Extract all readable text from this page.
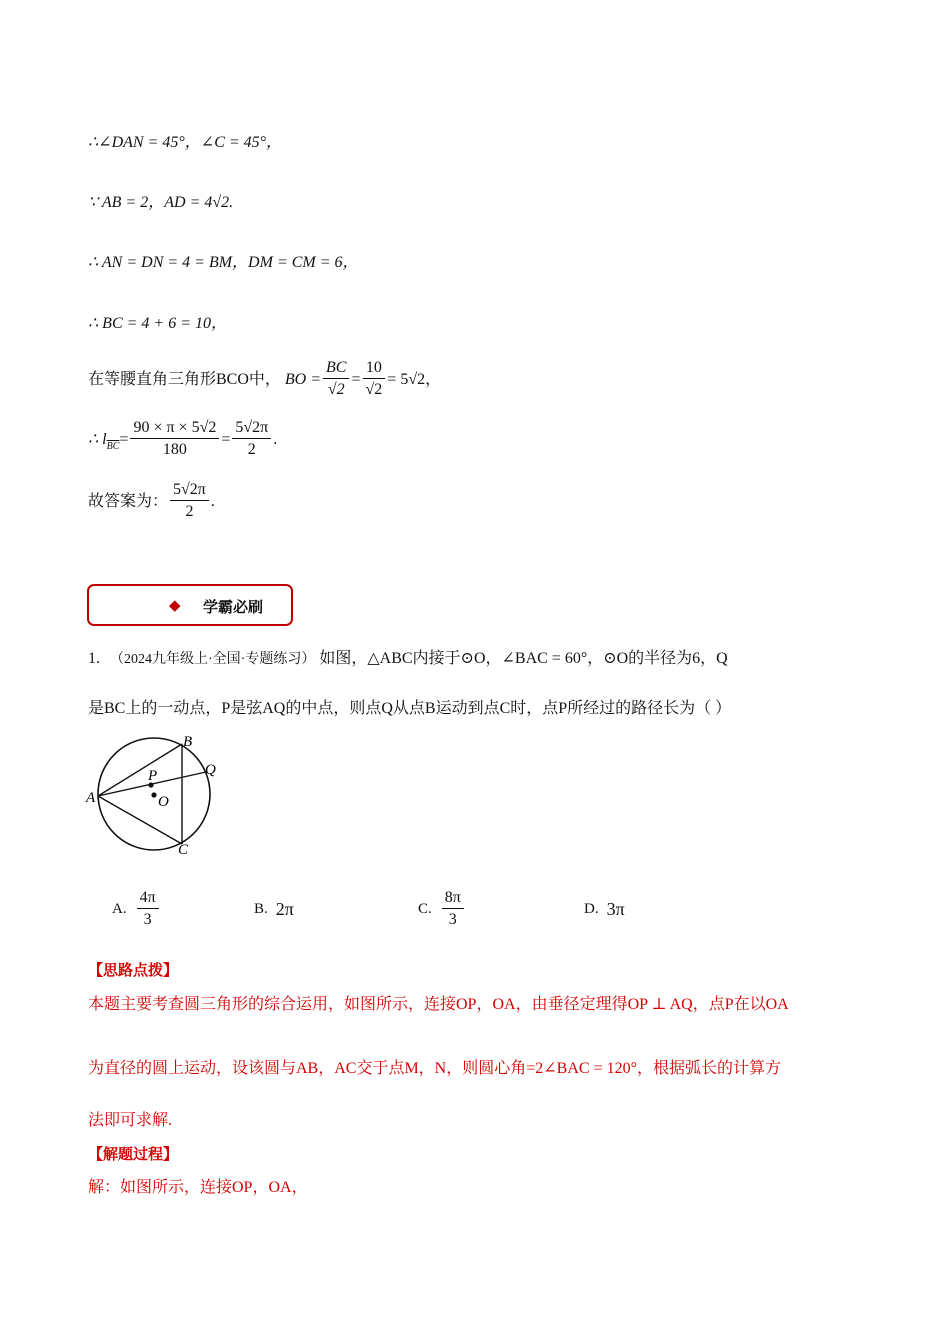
∴∠DAN = 45°，∠C = 45°，
∵ AB = 2，AD = 4√2.
∴ AN = DN = 4 = BM，DM = CM = 6，
∴ BC = 4 + 6 = 10，
在等腰直角三角形BCO中， BO = $\frac{BC}{√2} = \frac{10}{√2} = 5√2$，
∴ l $\overline{BC} = \frac{90 \times \pi \times 5√2}{180} = \frac{5√2\pi}{2}$ .
故答案为： $\frac{5√2\pi}{2}$ .
◆ 学霸必刷
1. （2024九年级上·全国·专题练习） 如图，△ABC内接于⊙O，∠BAC = 60°，⊙O的半径为6，Q
是BC上的一动点，P是弦AQ的中点，则点Q从点B运动到点C时，点P所经过的路径长为（ ）
A
B
C
O
P	Q
A. $\frac{4\pi}{3}$	B. 2π	C. $\frac{8\pi}{3}$	D. 3π
【思路点拨】
本题主要考查圆三角形的综合运用，如图所示，连接OP，OA，由垂径定理得OP ⊥ AQ，点P在以OA
为直径的圆上运动，设该圆与AB，AC交于点M，N，则圆心角=2∠BAC = 120°，根据弧长的计算方
法即可求解.
【解题过程】
解：如图所示，连接OP，OA，
